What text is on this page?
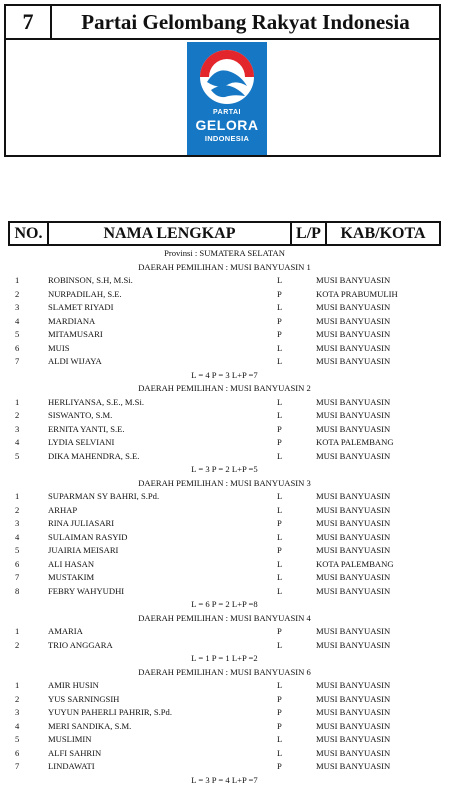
7	Partai Gelombang Rakyat Indonesia
PARTAI
GELORA
INDONESIA
NO.	NAMA LENGKAP	L/P	KAB/KOTA
Provinsi : SUMATERA SELATAN
DAERAH PEMILIHAN : MUSI BANYUASIN 1
1	ROBINSON, S.H, M.Si.	L	MUSI BANYUASIN
2	NURPADILAH, S.E.	P	KOTA PRABUMULIH
3	SLAMET RIYADI	L	MUSI BANYUASIN
4	MARDIANA	P	MUSI BANYUASIN
5	MITAMUSARI	P	MUSI BANYUASIN
6	MUIS	L	MUSI BANYUASIN
7	ALDI WIJAYA	L	MUSI BANYUASIN
L = 4 P = 3 L+P =7
DAERAH PEMILIHAN : MUSI BANYUASIN 2
1	HERLIYANSA, S.E., M.Si.	L	MUSI BANYUASIN
2	SISWANTO, S.M.	L	MUSI BANYUASIN
3	ERNITA YANTI, S.E.	P	MUSI BANYUASIN
4	LYDIA SELVIANI	P	KOTA PALEMBANG
5	DIKA MAHENDRA, S.E.	L	MUSI BANYUASIN
L = 3 P = 2 L+P =5
DAERAH PEMILIHAN : MUSI BANYUASIN 3
1	SUPARMAN SY BAHRI, S.Pd.	L	MUSI BANYUASIN
2	ARHAP	L	MUSI BANYUASIN
3	RINA JULIASARI	P	MUSI BANYUASIN
4	SULAIMAN RASYID	L	MUSI BANYUASIN
5	JUAIRIA MEISARI	P	MUSI BANYUASIN
6	ALI HASAN	L	KOTA PALEMBANG
7	MUSTAKIM	L	MUSI BANYUASIN
8	FEBRY WAHYUDHI	L	MUSI BANYUASIN
L = 6 P = 2 L+P =8
DAERAH PEMILIHAN : MUSI BANYUASIN 4
1	AMARIA	P	MUSI BANYUASIN
2	TRIO ANGGARA	L	MUSI BANYUASIN
L = 1 P = 1 L+P =2
DAERAH PEMILIHAN : MUSI BANYUASIN 6
1	AMIR HUSIN	L	MUSI BANYUASIN
2	YUS SARNINGSIH	P	MUSI BANYUASIN
3	YUYUN PAHERLI PAHRIR, S.Pd.	P	MUSI BANYUASIN
4	MERI SANDIKA, S.M.	P	MUSI BANYUASIN
5	MUSLIMIN	L	MUSI BANYUASIN
6	ALFI SAHRIN	L	MUSI BANYUASIN
7	LINDAWATI	P	MUSI BANYUASIN
L = 3 P = 4 L+P =7
